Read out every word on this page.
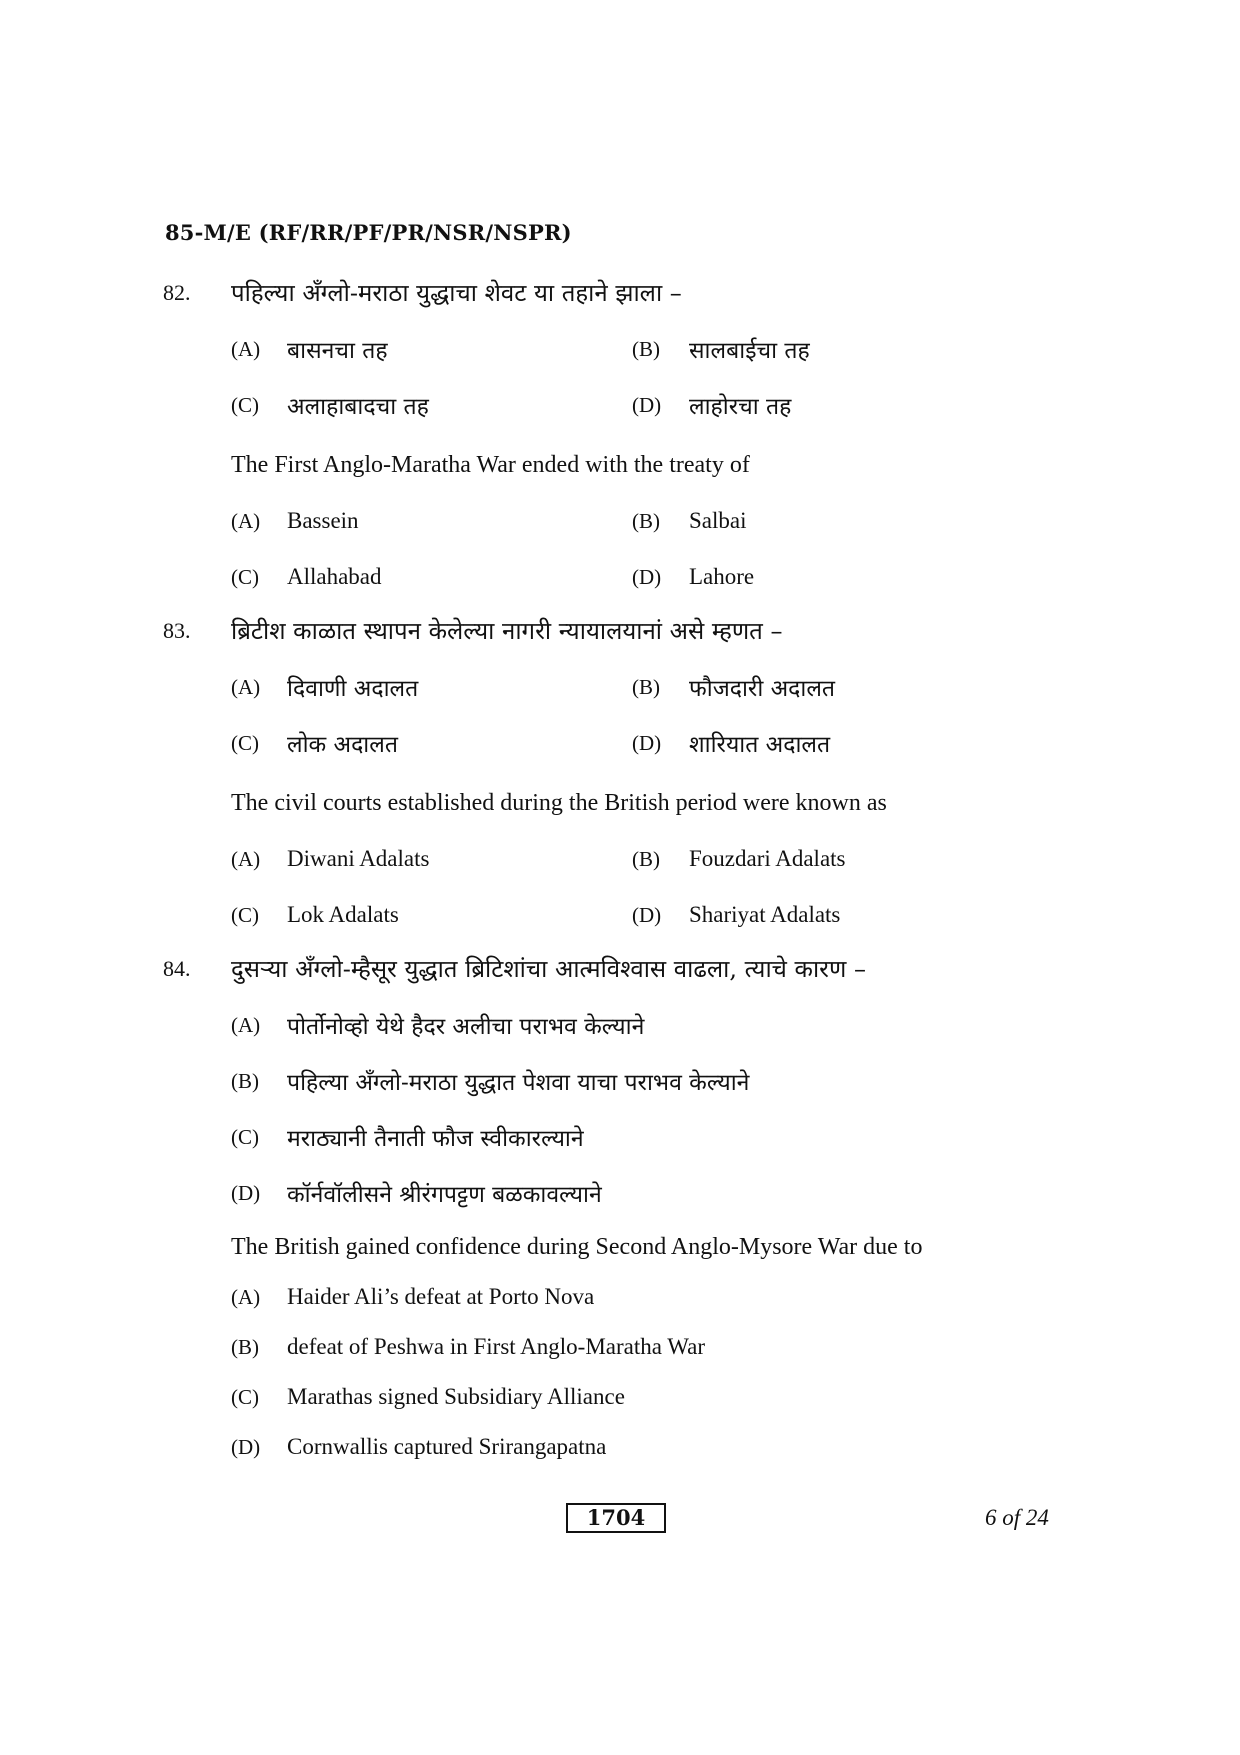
85-M/E (RF/RR/PF/PR/NSR/NSPR)
82. पहिल्या अँग्लो-मराठा युद्धाचा शेवट या तहाने झाला –
(A) बासनचा तह	(B) सालबाईचा तह
(C) अलाहाबादचा तह	(D) लाहोरचा तह
The First Anglo-Maratha War ended with the treaty of
(A) Bassein	(B) Salbai
(C) Allahabad	(D) Lahore
83. ब्रिटीश काळात स्थापन केलेल्या नागरी न्यायालयानां असे म्हणत –
(A) दिवाणी अदालत	(B) फौजदारी अदालत
(C) लोक अदालत	(D) शारियात अदालत
The civil courts established during the British period were known as
(A) Diwani Adalats	(B) Fouzdari Adalats
(C) Lok Adalats	(D) Shariyat Adalats
84. दुसऱ्या अँग्लो-म्हैसूर युद्धात ब्रिटिशांचा आत्मविश्वास वाढला, त्याचे कारण –
(A) पोर्तोनोव्हो येथे हैदर अलीचा पराभव केल्याने
(B) पहिल्या अँग्लो-मराठा युद्धात पेशवा याचा पराभव केल्याने
(C) मराठ्यानी तैनाती फौज स्वीकारल्याने
(D) कॉर्नवॉलीसने श्रीरंगपट्टण बळकावल्याने
The British gained confidence during Second Anglo-Mysore War due to
(A) Haider Ali’s defeat at Porto Nova
(B) defeat of Peshwa in First Anglo-Maratha War
(C) Marathas signed Subsidiary Alliance
(D) Cornwallis captured Srirangapatna
1704	6 of 24
